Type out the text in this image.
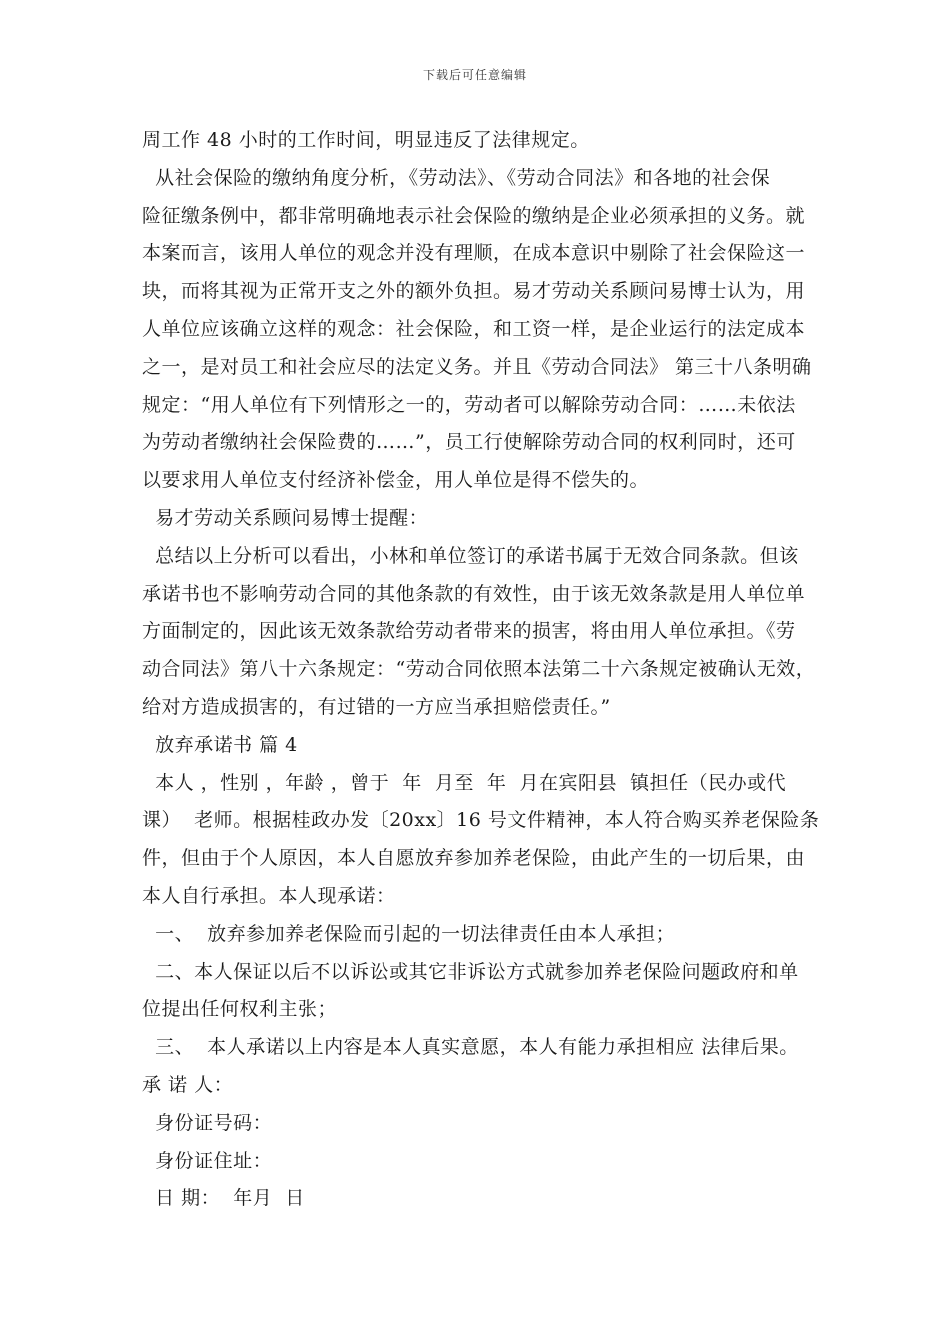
下载后可任意编辑
周工作 48 小时的工作时间，明显违反了法律规定。
从社会保险的缴纳角度分析，《劳动法》、《劳动合同法》和各地的社会保
险征缴条例中，都非常明确地表示社会保险的缴纳是企业必须承担的义务。就
本案而言，该用人单位的观念并没有理顺，在成本意识中剔除了社会保险这一
块，而将其视为正常开支之外的额外负担。易才劳动关系顾问易博士认为，用
人单位应该确立这样的观念：社会保险，和工资一样，是企业运行的法定成本
之一，是对员工和社会应尽的法定义务。并且《劳动合同法》 第三十八条明确
规定：“用人单位有下列情形之一的，劳动者可以解除劳动合同：……未依法
为劳动者缴纳社会保险费的……”，员工行使解除劳动合同的权利同时，还可
以要求用人单位支付经济补偿金，用人单位是得不偿失的。
易才劳动关系顾问易博士提醒：
总结以上分析可以看出，小林和单位签订的承诺书属于无效合同条款。但该
承诺书也不影响劳动合同的其他条款的有效性，由于该无效条款是用人单位单
方面制定的，因此该无效条款给劳动者带来的损害，将由用人单位承担。《劳
动合同法》第八十六条规定：“劳动合同依照本法第二十六条规定被确认无效，
给对方造成损害的，有过错的一方应当承担赔偿责任。”
放弃承诺书 篇 4
本人 ，性别 ，年龄 ，曾于  年  月至  年  月在宾阳县  镇担任（民办或代
课）  老师。根据桂政办发〔20xx〕16 号文件精神，本人符合购买养老保险条
件，但由于个人原因，本人自愿放弃参加养老保险，由此产生的一切后果，由
本人自行承担。本人现承诺：
一、  放弃参加养老保险而引起的一切法律责任由本人承担；
二、本人保证以后不以诉讼或其它非诉讼方式就参加养老保险问题政府和单
位提出任何权利主张；
三、  本人承诺以上内容是本人真实意愿，本人有能力承担相应 法律后果。
承 诺 人：
身份证号码：
身份证住址：
日 期：  年月  日
